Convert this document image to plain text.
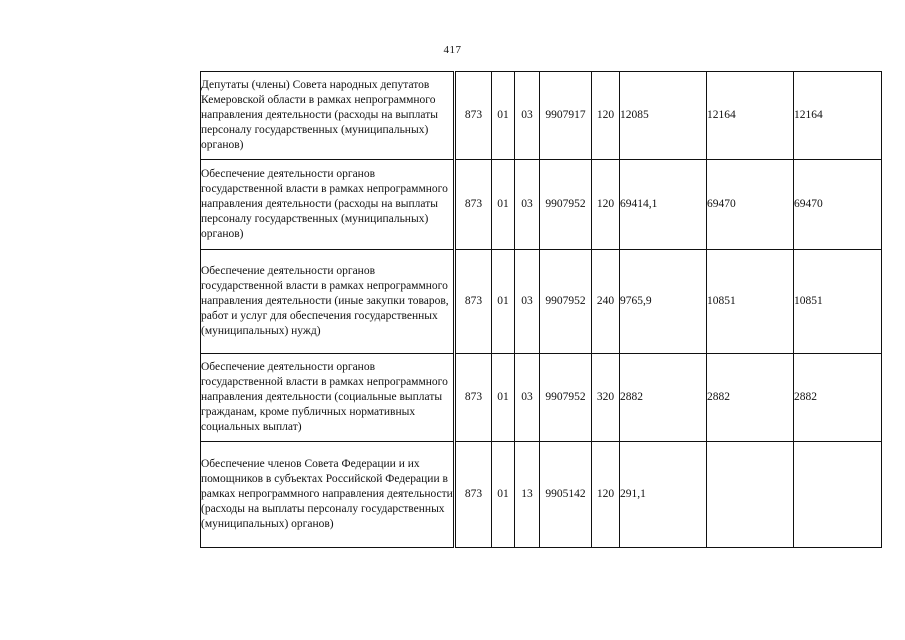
417
Депутаты (члены) Совета народных депутатов Кемеровской области в рамках непрограммного направления деятельности (расходы на выплаты персоналу государственных (муниципальных) органов)	873	01	03	9907917	120	12085	12164	12164
Обеспечение деятельности органов государственной власти в рамках непрограммного направления деятельности (расходы на выплаты персоналу государственных (муниципальных) органов)	873	01	03	9907952	120	69414,1	69470	69470
Обеспечение деятельности органов государственной власти в рамках непрограммного направления деятельности (иные закупки товаров, работ и услуг для обеспечения государственных (муниципальных) нужд)	873	01	03	9907952	240	9765,9	10851	10851
Обеспечение деятельности органов государственной власти в рамках непрограммного направления деятельности (социальные выплаты гражданам, кроме публичных нормативных социальных выплат)	873	01	03	9907952	320	2882	2882	2882
Обеспечение членов Совета Федерации и их помощников в субъектах Российской Федерации в рамках непрограммного направления деятельности (расходы на выплаты персоналу государственных (муниципальных) органов)	873	01	13	9905142	120	291,1		
